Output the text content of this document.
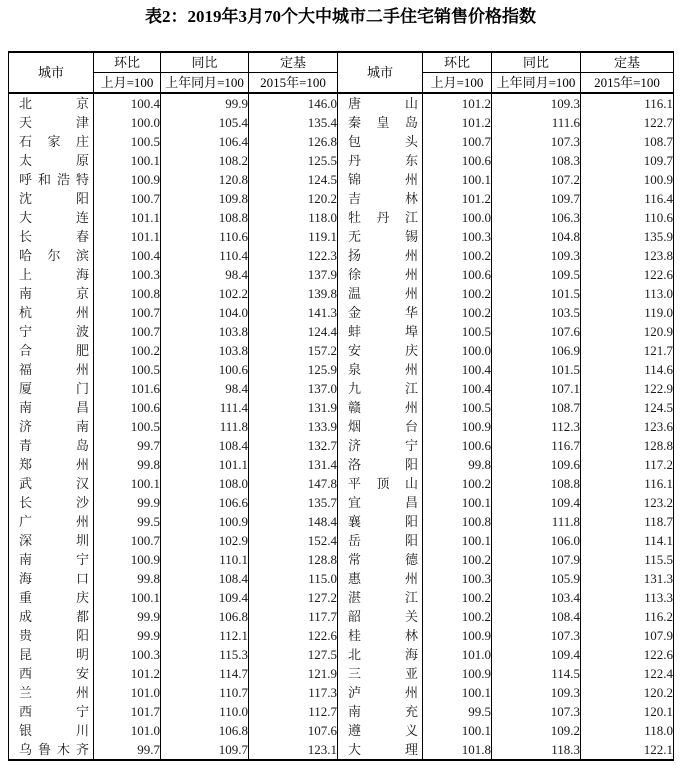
表2：2019年3月70个大中城市二手住宅销售价格指数
城市	环比	同比	定基	城市	环比	同比	定基
	上月=100	上年同月=100	2015年=100		上月=100	上年同月=100	2015年=100
北京	100.4	99.9	146.0	唐山	101.2	109.3	116.1
天津	100.0	105.4	135.4	秦皇岛	101.2	111.6	122.7
石家庄	100.5	106.4	126.8	包头	100.7	107.3	108.7
太原	100.1	108.2	125.5	丹东	100.6	108.3	109.7
呼和浩特	100.9	120.8	124.5	锦州	100.1	107.2	100.9
沈阳	100.7	109.8	120.2	吉林	101.2	109.7	116.4
大连	101.1	108.8	118.0	牡丹江	100.0	106.3	110.6
长春	101.1	110.6	119.1	无锡	100.3	104.8	135.9
哈尔滨	100.4	110.4	122.3	扬州	100.2	109.3	123.8
上海	100.3	98.4	137.9	徐州	100.6	109.5	122.6
南京	100.8	102.2	139.8	温州	100.2	101.5	113.0
杭州	100.7	104.0	141.3	金华	100.2	103.5	119.0
宁波	100.7	103.8	124.4	蚌埠	100.5	107.6	120.9
合肥	100.2	103.8	157.2	安庆	100.0	106.9	121.7
福州	100.5	100.6	125.9	泉州	100.4	101.5	114.6
厦门	101.6	98.4	137.0	九江	100.4	107.1	122.9
南昌	100.6	111.4	131.9	赣州	100.5	108.7	124.5
济南	100.5	111.8	133.9	烟台	100.9	112.3	123.6
青岛	99.7	108.4	132.7	济宁	100.6	116.7	128.8
郑州	99.8	101.1	131.4	洛阳	99.8	109.6	117.2
武汉	100.1	108.0	147.8	平顶山	100.2	108.8	116.1
长沙	99.9	106.6	135.7	宜昌	100.1	109.4	123.2
广州	99.5	100.9	148.4	襄阳	100.8	111.8	118.7
深圳	100.7	102.9	152.4	岳阳	100.1	106.0	114.1
南宁	100.9	110.1	128.8	常德	100.2	107.9	115.5
海口	99.8	108.4	115.0	惠州	100.3	105.9	131.3
重庆	100.1	109.4	127.2	湛江	100.2	103.4	113.3
成都	99.9	106.8	117.7	韶关	100.2	108.4	116.2
贵阳	99.9	112.1	122.6	桂林	100.9	107.3	107.9
昆明	100.3	115.3	127.5	北海	101.0	109.4	122.6
西安	101.2	114.7	121.9	三亚	100.9	114.5	122.4
兰州	101.0	110.7	117.3	泸州	100.1	109.3	120.2
西宁	101.7	110.0	112.7	南充	99.5	107.3	120.1
银川	101.0	106.8	107.6	遵义	100.1	109.2	118.0
乌鲁木齐	99.7	109.7	123.1	大理	101.8	118.3	122.1
